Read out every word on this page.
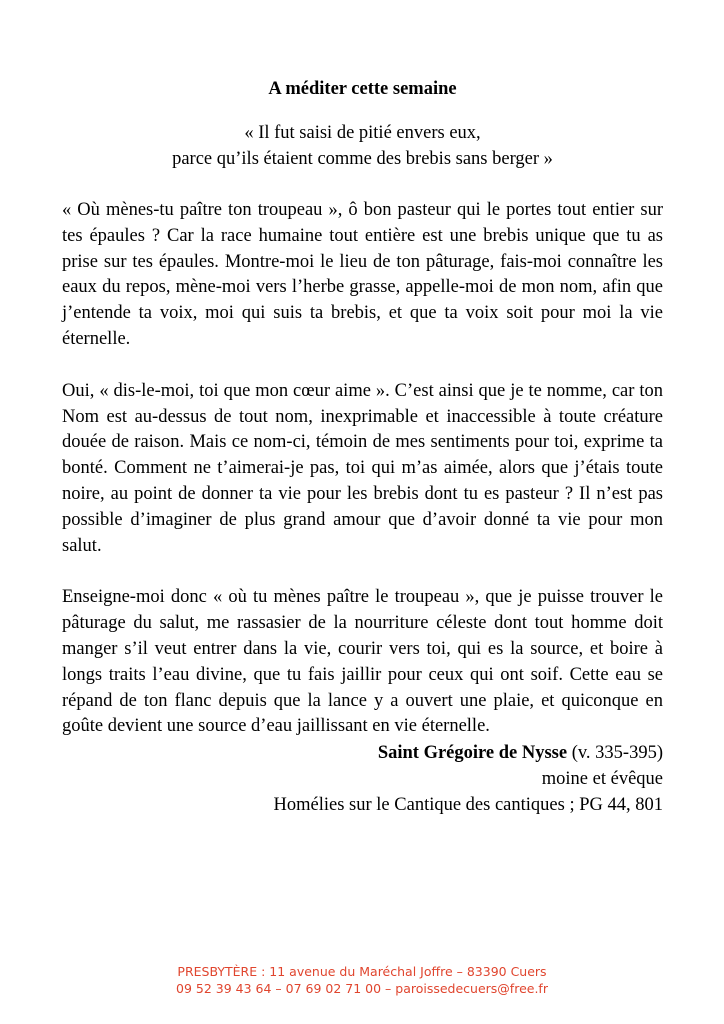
A méditer cette semaine
« Il fut saisi de pitié envers eux,
parce qu’ils étaient comme des brebis sans berger »

« Où mènes-tu paître ton troupeau », ô bon pasteur qui le portes tout entier sur tes épaules ? Car la race humaine tout entière est une brebis unique que tu as prise sur tes épaules. Montre-moi le lieu de ton pâturage, fais-moi connaître les eaux du repos, mène-moi vers l’herbe grasse, appelle-moi de mon nom, afin que j’entende ta voix, moi qui suis ta brebis, et que ta voix soit pour moi la vie éternelle.

Oui, « dis-le-moi, toi que mon cœur aime ». C’est ainsi que je te nomme, car ton Nom est au-dessus de tout nom, inexprimable et inaccessible à toute créature douée de raison. Mais ce nom-ci, témoin de mes sentiments pour toi, exprime ta bonté. Comment ne t’aimerai-je pas, toi qui m’as aimée, alors que j’étais toute noire, au point de donner ta vie pour les brebis dont tu es pasteur ? Il n’est pas possible d’imaginer de plus grand amour que d’avoir donné ta vie pour mon salut.

Enseigne-moi donc « où tu mènes paître le troupeau », que je puisse trouver le pâturage du salut, me rassasier de la nourriture céleste dont tout homme doit manger s’il veut entrer dans la vie, courir vers toi, qui es la source, et boire à longs traits l’eau divine, que tu fais jaillir pour ceux qui ont soif. Cette eau se répand de ton flanc depuis que la lance y a ouvert une plaie, et quiconque en goûte devient une source d’eau jaillissant en vie éternelle.

Saint Grégoire de Nysse (v. 335-395)
moine et évêque
Homélies sur le Cantique des cantiques ; PG 44, 801
PRESBYTÈRE : 11 avenue du Maréchal Joffre – 83390 Cuers
09 52 39 43 64 – 07 69 02 71 00 – paroissedecuers@free.fr
